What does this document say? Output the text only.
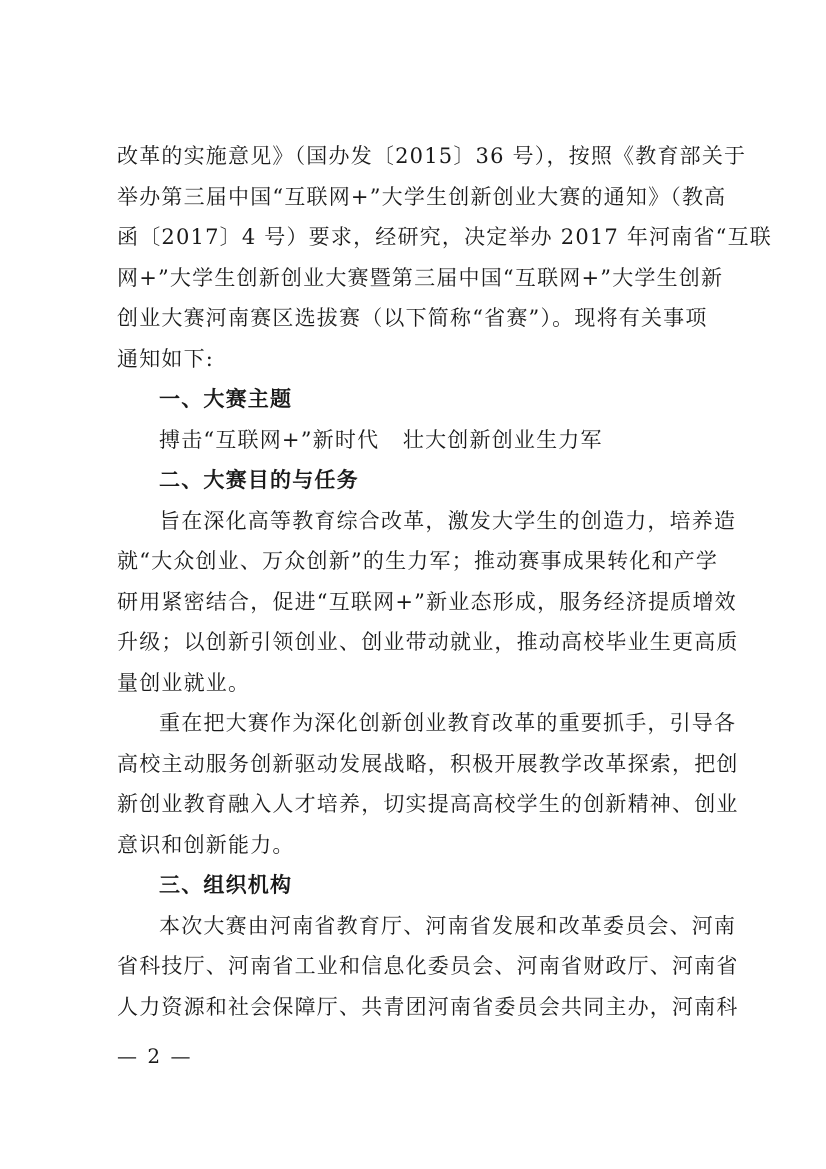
改革的实施意见》（国办发〔2015〕36 号），按照《教育部关于
举办第三届中国“互联网+”大学生创新创业大赛的通知》（教高
函〔2017〕4 号）要求，经研究，决定举办 2017 年河南省“互联
网+”大学生创新创业大赛暨第三届中国“互联网+”大学生创新
创业大赛河南赛区选拔赛（以下简称“省赛”）。现将有关事项
通知如下:
一、大赛主题
搏击“互联网+”新时代   壮大创新创业生力军
二、大赛目的与任务
旨在深化高等教育综合改革，激发大学生的创造力，培养造
就“大众创业、万众创新”的生力军；推动赛事成果转化和产学
研用紧密结合，促进“互联网+”新业态形成，服务经济提质增效
升级；以创新引领创业、创业带动就业，推动高校毕业生更高质
量创业就业。
重在把大赛作为深化创新创业教育改革的重要抓手，引导各
高校主动服务创新驱动发展战略，积极开展教学改革探索，把创
新创业教育融入人才培养，切实提高高校学生的创新精神、创业
意识和创新能力。
三、组织机构
本次大赛由河南省教育厅、河南省发展和改革委员会、河南
省科技厅、河南省工业和信息化委员会、河南省财政厅、河南省
人力资源和社会保障厅、共青团河南省委员会共同主办，河南科
— 2 —
